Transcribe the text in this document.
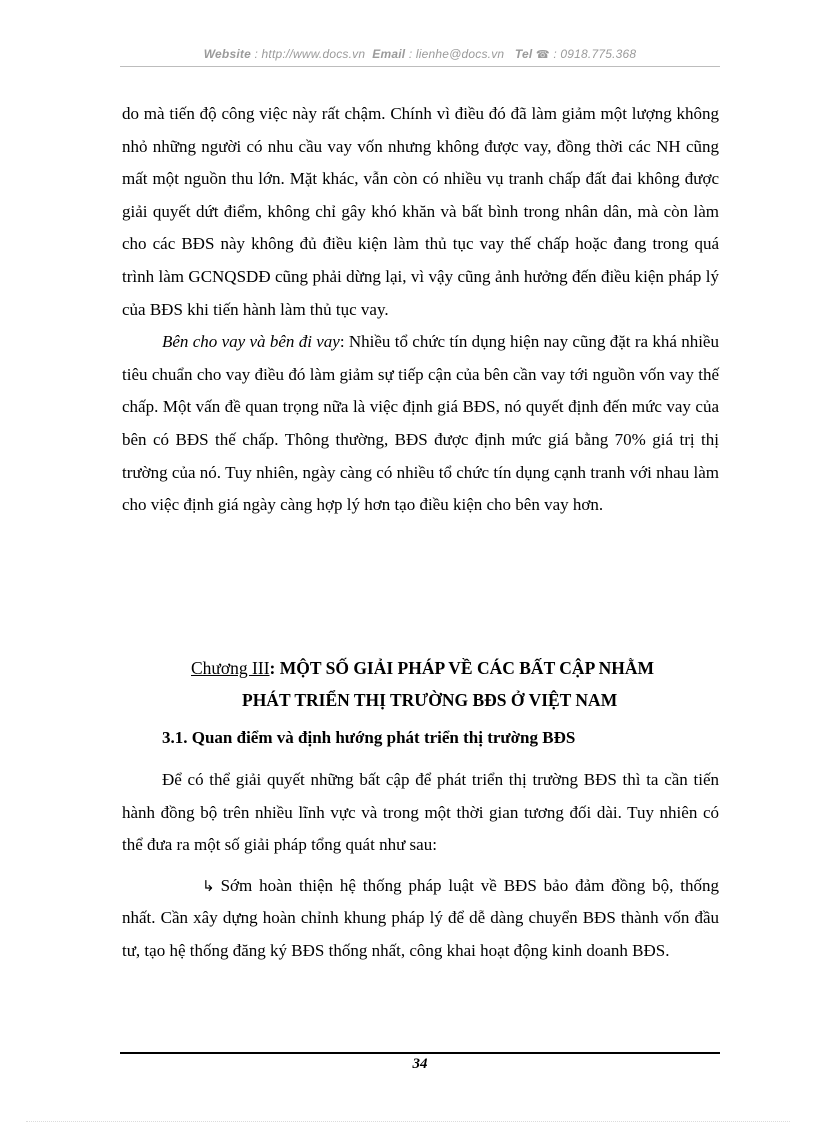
Website : http://www.docs.vn Email : lienhe@docs.vn Tel ☎ : 0918.775.368

do mà tiến độ công việc này rất chậm. Chính vì điều đó đã làm giảm một lượng không nhỏ những người có nhu cầu vay vốn nhưng không được vay, đồng thời các NH cũng mất một nguồn thu lớn. Mặt khác, vẫn còn có nhiều vụ tranh chấp đất đai không được giải quyết dứt điểm, không chỉ gây khó khăn và bất bình trong nhân dân, mà còn làm cho các BĐS này không đủ điều kiện làm thủ tục vay thế chấp hoặc đang trong quá trình làm GCNQSDĐ cũng phải dừng lại, vì vậy cũng ảnh hưởng đến điều kiện pháp lý của BĐS khi tiến hành làm thủ tục vay.

Bên cho vay và bên đi vay: Nhiều tổ chức tín dụng hiện nay cũng đặt ra khá nhiều tiêu chuẩn cho vay điều đó làm giảm sự tiếp cận của bên cần vay tới nguồn vốn vay thế chấp. Một vấn đề quan trọng nữa là việc định giá BĐS, nó quyết định đến mức vay của bên có BĐS thế chấp. Thông thường, BĐS được định mức giá bằng 70% giá trị thị trường của nó. Tuy nhiên, ngày càng có nhiều tổ chức tín dụng cạnh tranh với nhau làm cho việc định giá ngày càng hợp lý hơn tạo điều kiện cho bên vay hơn.

Chương III: MỘT SỐ GIẢI PHÁP VỀ CÁC BẤT CẬP NHẰM
PHÁT TRIỂN THỊ TRƯỜNG BĐS Ở VIỆT NAM
3.1. Quan điểm và định hướng phát triển thị trường BĐS

Để có thể giải quyết những bất cập để phát triển thị trường BĐS thì ta cần tiến hành đồng bộ trên nhiều lĩnh vực và trong một thời gian tương đối dài. Tuy nhiên có thể đưa ra một số giải pháp tổng quát như sau:

↳ Sớm hoàn thiện hệ thống pháp luật về BĐS bảo đảm đồng bộ, thống nhất. Cần xây dựng hoàn chỉnh khung pháp lý để dễ dàng chuyển BĐS thành vốn đầu tư, tạo hệ thống đăng ký BĐS thống nhất, công khai hoạt động kinh doanh BĐS.

34
